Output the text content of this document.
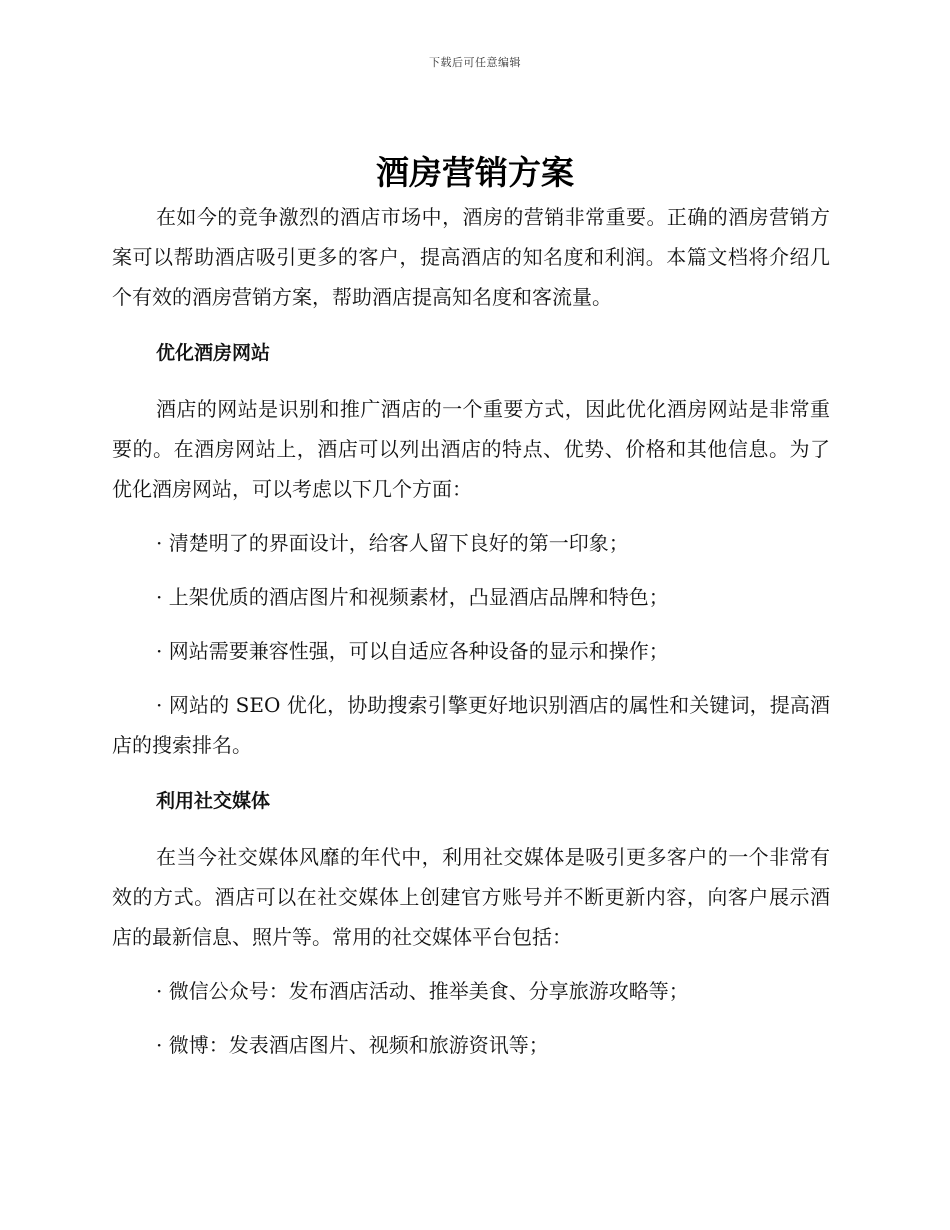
下载后可任意编辑
酒房营销方案

在如今的竞争激烈的酒店市场中，酒房的营销非常重要。正确的酒房营销方案可以帮助酒店吸引更多的客户，提高酒店的知名度和利润。本篇文档将介绍几个有效的酒房营销方案，帮助酒店提高知名度和客流量。

优化酒房网站

酒店的网站是识别和推广酒店的一个重要方式，因此优化酒房网站是非常重要的。在酒房网站上，酒店可以列出酒店的特点、优势、价格和其他信息。为了优化酒房网站，可以考虑以下几个方面：

· 清楚明了的界面设计，给客人留下良好的第一印象；

· 上架优质的酒店图片和视频素材，凸显酒店品牌和特色；

· 网站需要兼容性强，可以自适应各种设备的显示和操作；

· 网站的 SEO 优化，协助搜索引擎更好地识别酒店的属性和关键词，提高酒店的搜索排名。

利用社交媒体

在当今社交媒体风靡的年代中，利用社交媒体是吸引更多客户的一个非常有效的方式。酒店可以在社交媒体上创建官方账号并不断更新内容，向客户展示酒店的最新信息、照片等。常用的社交媒体平台包括：

· 微信公众号：发布酒店活动、推举美食、分享旅游攻略等；

· 微博：发表酒店图片、视频和旅游资讯等；
